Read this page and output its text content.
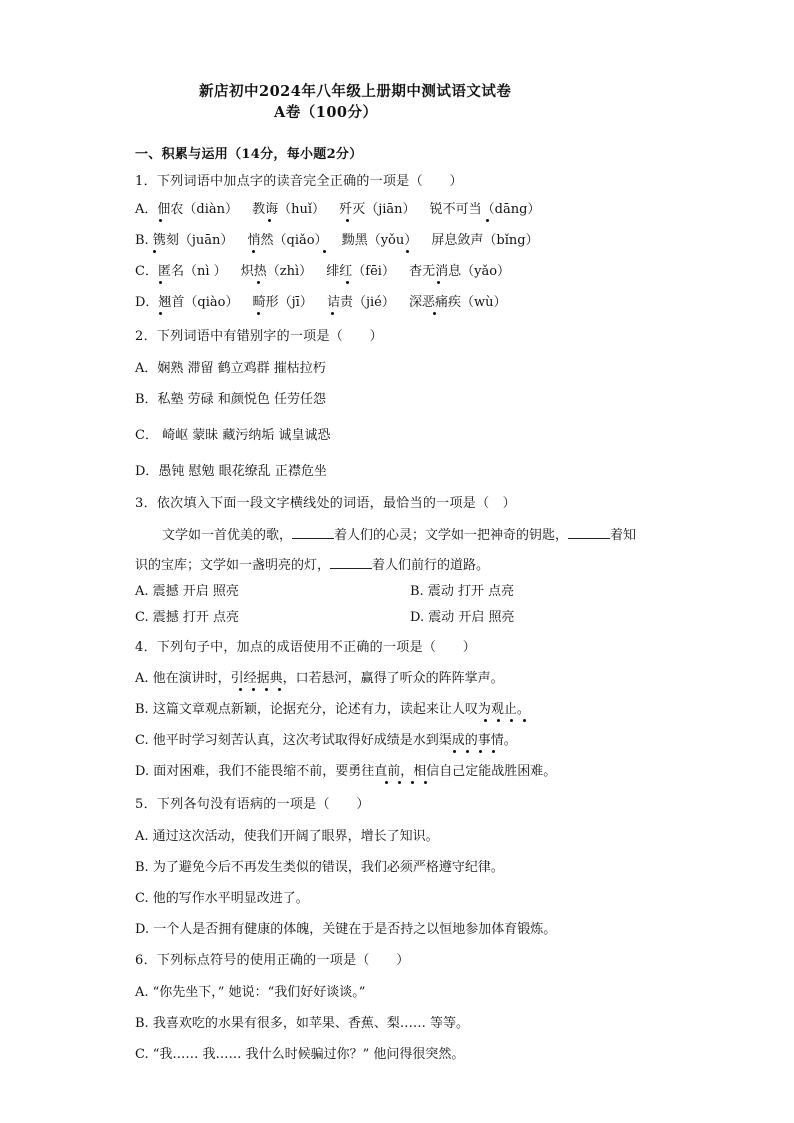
新店初中2024年八年级上册期中测试语文试卷
A卷（100分）
一、积累与运用（14分，每小题2分）
1．下列词语中加点字的读音完全正确的一项是（　　）
A．佃农（diàn） 教诲（huǐ） 歼灭（jiān） 锐不可当（dāng）
B. 镌刻（juān） 悄然（qiǎo） 黝黑（yǒu） 屏息敛声（bǐng）
C．匿名（nì ） 炽热（zhì） 绯红（fēi） 杳无消息（yǎo）
D．翘首（qiào） 畸形（jī） 诘责（jié） 深恶痛疾（wù）
2．下列词语中有错别字的一项是（　　）
A．娴熟 滞留 鹤立鸡群 摧枯拉朽
B．私塾 劳碌 和颜悦色 任劳任怨
C． 崎岖 蒙昧 藏污纳垢 诚皇诚恐
D．愚钝 慰勉 眼花缭乱 正襟危坐
3．依次填入下面一段文字横线处的词语，最恰当的一项是（　）
文学如一首优美的歌，	着人们的心灵；文学如一把神奇的钥匙，	着知
识的宝库；文学如一盏明亮的灯，	着人们前行的道路。
A. 震撼 开启 照亮	B. 震动 打开 点亮
C. 震撼 打开 点亮	D. 震动 开启 照亮
4．下列句子中，加点的成语使用不正确的一项是（　　）
A. 他在演讲时，引经据典，口若悬河，赢得了听众的阵阵掌声。
B. 这篇文章观点新颖，论据充分，论述有力，读起来让人叹为观止。
C. 他平时学习刻苦认真，这次考试取得好成绩是水到渠成的事情。
D. 面对困难，我们不能畏缩不前，要勇往直前，相信自己定能战胜困难。
5．下列各句没有语病的一项是（　　）
A. 通过这次活动，使我们开阔了眼界，增长了知识。
B. 为了避免今后不再发生类似的错误，我们必须严格遵守纪律。
C. 他的写作水平明显改进了。
D. 一个人是否拥有健康的体魄，关键在于是否持之以恒地参加体育锻炼。
6．下列标点符号的使用正确的一项是（　　）
A. “你先坐下，” 她说：“我们好好谈谈。”
B. 我喜欢吃的水果有很多，如苹果、香蕉、梨…… 等等。
C. “我…… 我…… 我什么时候骗过你？” 他问得很突然。
